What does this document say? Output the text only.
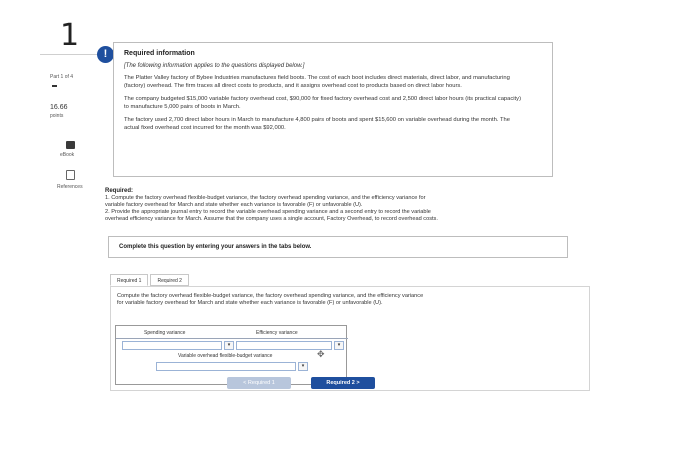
1
!
Part 1 of 4
16.66
points
eBook
References
Required information
[The following information applies to the questions displayed below.]
The Platter Valley factory of Bybee Industries manufactures field boots. The cost of each boot includes direct materials, direct labor, and manufacturing (factory) overhead. The firm traces all direct costs to products, and it assigns overhead cost to products based on direct labor hours.
The company budgeted $15,000 variable factory overhead cost, $90,000 for fixed factory overhead cost and 2,500 direct labor hours (its practical capacity) to manufacture 5,000 pairs of boots in March.
The factory used 2,700 direct labor hours in March to manufacture 4,800 pairs of boots and spent $15,600 on variable overhead during the month. The actual fixed overhead cost incurred for the month was $92,000.
Required:
1. Compute the factory overhead flexible-budget variance, the factory overhead spending variance, and the efficiency variance for
variable factory overhead for March and state whether each variance is favorable (F) or unfavorable (U).
2. Provide the appropriate journal entry to record the variable overhead spending variance and a second entry to record the variable
overhead efficiency variance for March. Assume that the company uses a single account, Factory Overhead, to record overhead costs.
Complete this question by entering your answers in the tabs below.
Required 1	Required 2
Compute the factory overhead flexible-budget variance, the factory overhead spending variance, and the efficiency variance
for variable factory overhead for March and state whether each variance is favorable (F) or unfavorable (U).
Spending variance	Efficiency variance
▾	▾
Variable overhead flexible-budget variance
▾
✥
< Required 1	Required 2 >
